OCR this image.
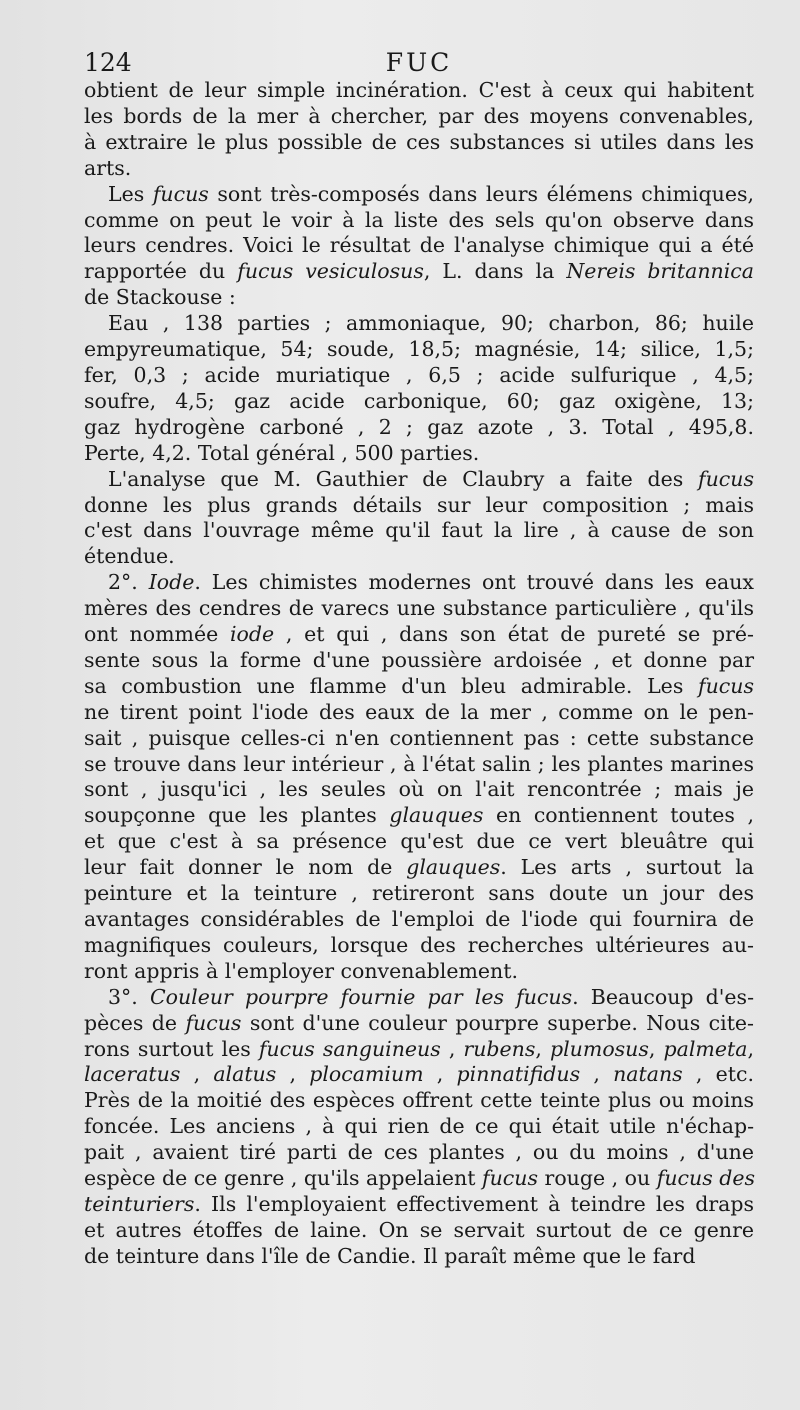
124	FUC
obtient de leur simple incinération. C'est à ceux qui habitent
les bords de la mer à chercher, par des moyens convenables,
à extraire le plus possible de ces substances si utiles dans les
arts.
Les fucus sont très-composés dans leurs élémens chimiques,
comme on peut le voir à la liste des sels qu'on observe dans
leurs cendres. Voici le résultat de l'analyse chimique qui a été
rapportée du fucus vesiculosus, L. dans la Nereis britannica
de Stackouse :
Eau , 138 parties ; ammoniaque, 90; charbon, 86; huile
empyreumatique, 54; soude, 18,5; magnésie, 14; silice, 1,5;
fer, 0,3 ; acide muriatique , 6,5 ; acide sulfurique , 4,5;
soufre, 4,5; gaz acide carbonique, 60; gaz oxigène, 13;
gaz hydrogène carboné , 2 ; gaz azote , 3. Total , 495,8.
Perte, 4,2. Total général , 500 parties.
L'analyse que M. Gauthier de Claubry a faite des fucus
donne les plus grands détails sur leur composition ; mais
c'est dans l'ouvrage même qu'il faut la lire , à cause de son
étendue.
2°. Iode. Les chimistes modernes ont trouvé dans les eaux
mères des cendres de varecs une substance particulière , qu'ils
ont nommée iode , et qui , dans son état de pureté se pré-
sente sous la forme d'une poussière ardoisée , et donne par
sa combustion une flamme d'un bleu admirable. Les fucus
ne tirent point l'iode des eaux de la mer , comme on le pen-
sait , puisque celles-ci n'en contiennent pas : cette substance
se trouve dans leur intérieur , à l'état salin ; les plantes marines
sont , jusqu'ici , les seules où on l'ait rencontrée ; mais je
soupçonne que les plantes glauques en contiennent toutes ,
et que c'est à sa présence qu'est due ce vert bleuâtre qui
leur fait donner le nom de glauques. Les arts , surtout la
peinture et la teinture , retireront sans doute un jour des
avantages considérables de l'emploi de l'iode qui fournira de
magnifiques couleurs, lorsque des recherches ultérieures au-
ront appris à l'employer convenablement.
3°. Couleur pourpre fournie par les fucus. Beaucoup d'es-
pèces de fucus sont d'une couleur pourpre superbe. Nous cite-
rons surtout les fucus sanguineus , rubens, plumosus, palmeta,
laceratus , alatus , plocamium , pinnatifidus , natans , etc.
Près de la moitié des espèces offrent cette teinte plus ou moins
foncée. Les anciens , à qui rien de ce qui était utile n'échap-
pait , avaient tiré parti de ces plantes , ou du moins , d'une
espèce de ce genre , qu'ils appelaient fucus rouge , ou fucus des
teinturiers. Ils l'employaient effectivement à teindre les draps
et autres étoffes de laine. On se servait surtout de ce genre
de teinture dans l'île de Candie. Il paraît même que le fard
